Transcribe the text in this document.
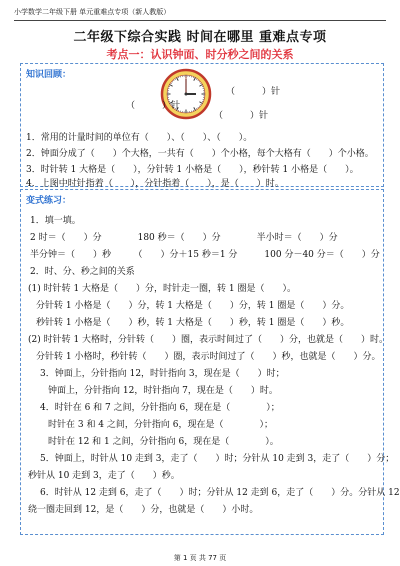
小学数学二年级下册 单元重难点专项（新人教版）
二年级下综合实践 时间在哪里 重难点专项
考点一：认识钟面、时分秒之间的关系
知识回顾：
（　　　）针
（　　　）针
（　　　）针
1．常用的计量时间的单位有（　　）、（　　）、（　　）。
2．钟面分成了（　　）个大格，一共有（　　）个小格，每个大格有（　　）个小格。
3．时针转 1 大格是（　　），分针转 1 小格是（　　），秒针转 1 小格是（　　）。
4．上图中时针指着（　　），分针指着（　　），是（　　）时。
变式练习：
1．填一填。
2 时＝（　　）分　　　　180 秒＝（　　）分　　　　半小时＝（　　）分
半分钟＝（　　）秒　　　（　　）分＋15 秒＝1 分　　　100 分－40 分＝（　　）分
2．时、分、秒之间的关系
(1) 时针转 1 大格是（　　）分，时针走一圈，转 1 圈是（　　）。
分针转 1 小格是（　　）分，转 1 大格是（　　）分，转 1 圈是（　　）分。
秒针转 1 小格是（　　）秒，转 1 大格是（　　）秒，转 1 圈是（　　）秒。
(2) 时针转 1 大格时，分针转（　　）圈，表示时间过了（　　）分，也就是（　　）时。
分针转 1 小格时，秒针转（　　）圈，表示时间过了（　　）秒，也就是（　　）分。
3．钟面上，分针指向 12，时针指向 3，现在是（　　）时；
钟面上，分针指向 12，时针指向 7，现在是（　　）时。
4．时针在 6 和 7 之间，分针指向 6，现在是（　　　　）；
时针在 3 和 4 之间，分针指向 6，现在是（　　　　）；
时针在 12 和 1 之间，分针指向 6，现在是（　　　　）。
5．钟面上，时针从 10 走到 3，走了（　　）时；分针从 10 走到 3，走了（　　）分；
秒针从 10 走到 3，走了（　　）秒。
6．时针从 12 走到 6，走了（　　）时；分针从 12 走到 6，走了（　　）分。分针从 12
绕一圈走回到 12，是（　　）分，也就是（　　）小时。
第 1 页 共 77 页
